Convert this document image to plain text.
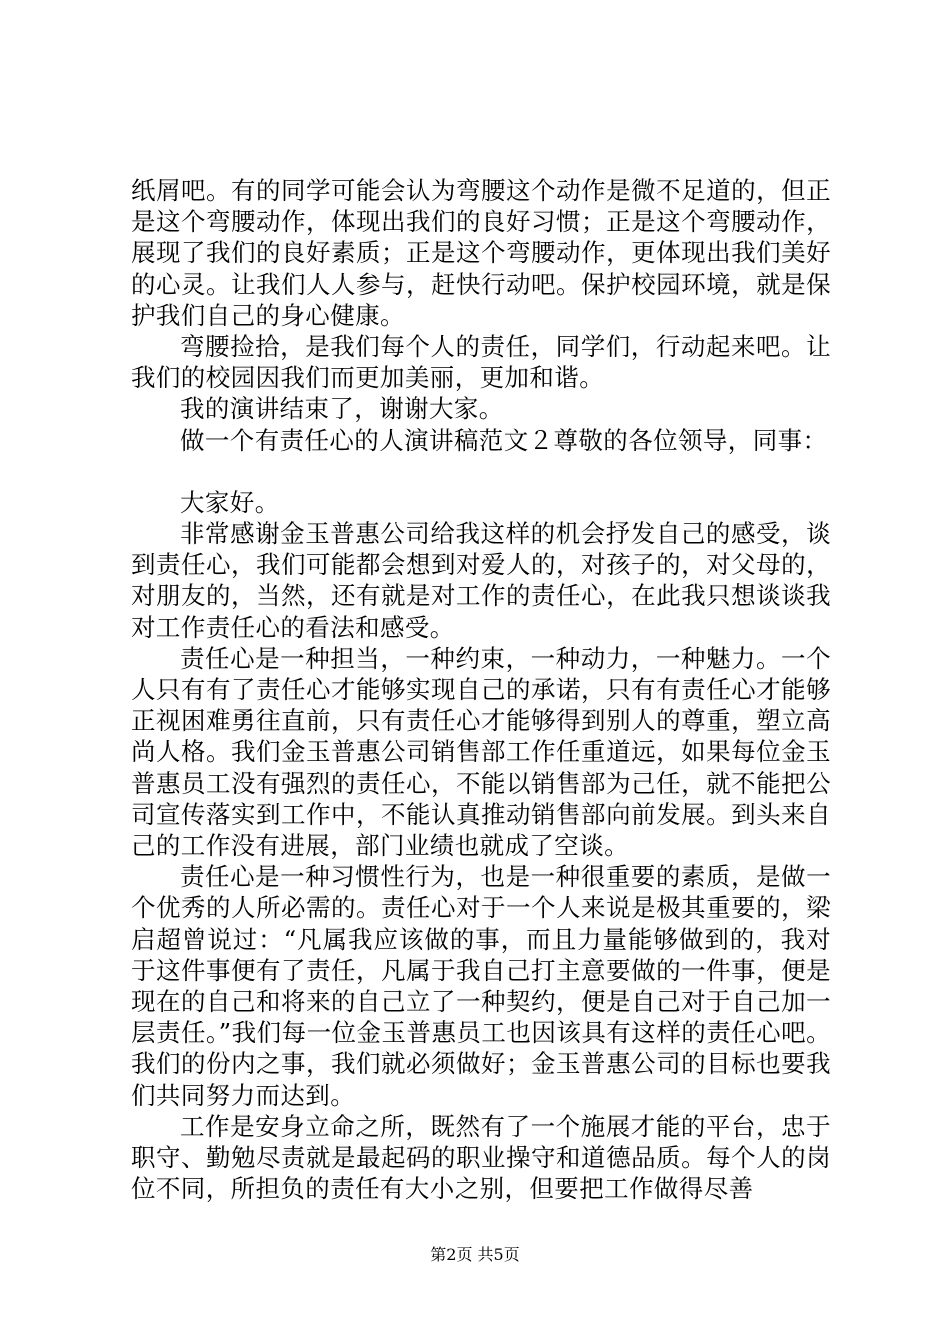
纸屑吧。有的同学可能会认为弯腰这个动作是微不足道的，但正是这个弯腰动作，体现出我们的良好习惯；正是这个弯腰动作，展现了我们的良好素质；正是这个弯腰动作，更体现出我们美好的心灵。让我们人人参与，赶快行动吧。保护校园环境，就是保护我们自己的身心健康。

弯腰捡拾，是我们每个人的责任，同学们，行动起来吧。让我们的校园因我们而更加美丽，更加和谐。

我的演讲结束了，谢谢大家。

做一个有责任心的人演讲稿范文２尊敬的各位领导，同事：

大家好。

非常感谢金玉普惠公司给我这样的机会抒发自己的感受，谈到责任心，我们可能都会想到对爱人的，对孩子的，对父母的，对朋友的，当然，还有就是对工作的责任心，在此我只想谈谈我对工作责任心的看法和感受。

责任心是一种担当，一种约束，一种动力，一种魅力。一个人只有有了责任心才能够实现自己的承诺，只有有责任心才能够正视困难勇往直前，只有责任心才能够得到别人的尊重，塑立高尚人格。我们金玉普惠公司销售部工作任重道远，如果每位金玉普惠员工没有强烈的责任心，不能以销售部为己任，就不能把公司宣传落实到工作中，不能认真推动销售部向前发展。到头来自己的工作没有进展，部门业绩也就成了空谈。

责任心是一种习惯性行为，也是一种很重要的素质，是做一个优秀的人所必需的。责任心对于一个人来说是极其重要的，梁启超曾说过：“凡属我应该做的事，而且力量能够做到的，我对于这件事便有了责任，凡属于我自己打主意要做的一件事，便是现在的自己和将来的自己立了一种契约，便是自己对于自己加一层责任。”我们每一位金玉普惠员工也因该具有这样的责任心吧。我们的份内之事，我们就必须做好；金玉普惠公司的目标也要我们共同努力而达到。

工作是安身立命之所，既然有了一个施展才能的平台，忠于职守、勤勉尽责就是最起码的职业操守和道德品质。每个人的岗位不同，所担负的责任有大小之别，但要把工作做得尽善

第2页 共5页
